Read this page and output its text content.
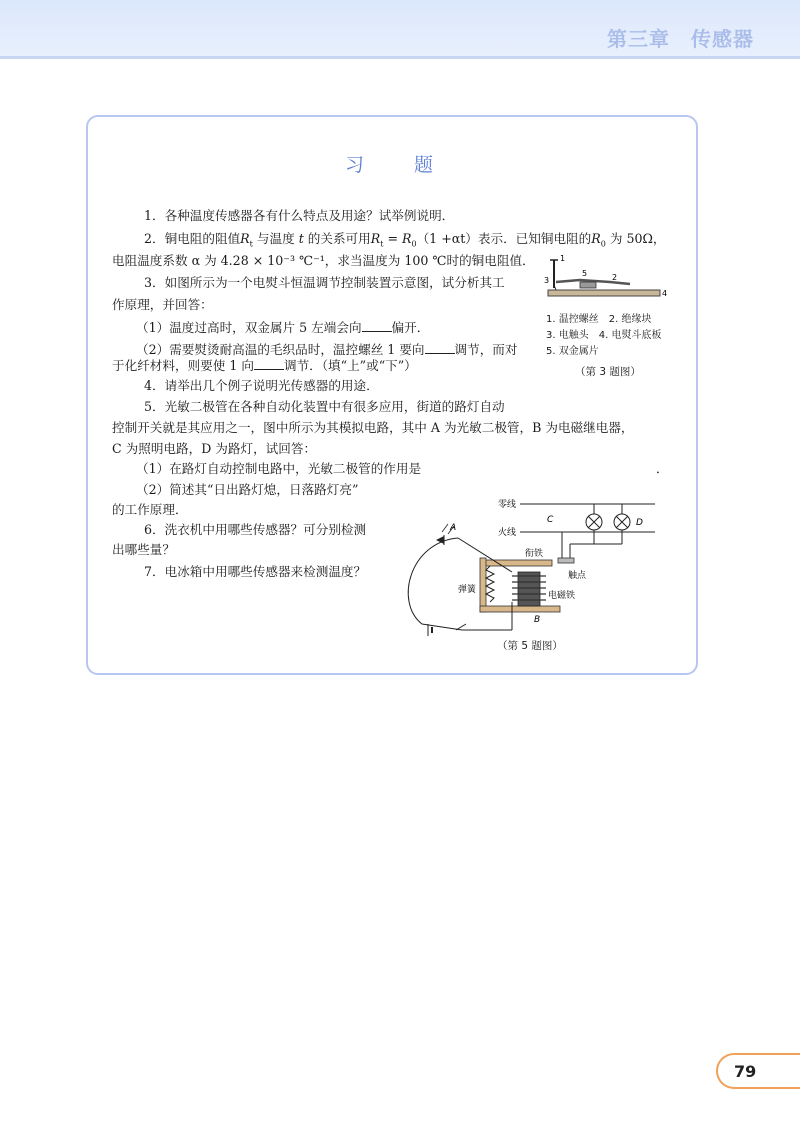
第三章　传感器
习 题
1．各种温度传感器各有什么特点及用途？试举例说明．
2．铜电阻的阻值$R_t$ 与温度 t 的关系可用$R_t = R_0(1 +\alpha t)$表示．已知铜电阻的$R_0$ 为 50Ω，
电阻温度系数 α 为 4.28 × 10⁻³ ℃⁻¹，求当温度为 100 ℃时的铜电阻值．
3．如图所示为一个电熨斗恒温调节控制装置示意图，试分析其工
作原理，并回答：
（1）温度过高时，双金属片 5 左端会向 偏开．
（2）需要熨烫耐高温的毛织品时，温控螺丝 1 要向 调节，而对
于化纤材料，则要使 1 向 调节．（填“上”或“下”）
4．请举出几个例子说明光传感器的用途．
5．光敏二极管在各种自动化装置中有很多应用，街道的路灯自动
控制开关就是其应用之一，图中所示为其模拟电路，其中 A 为光敏二极管，B 为电磁继电器，
C 为照明电路，D 为路灯，试回答：
（1）在路灯自动控制电路中，光敏二极管的作用是	．
（2）简述其“日出路灯熄，日落路灯亮”
的工作原理．
6．洗衣机中用哪些传感器？可分别检测
出哪些量？
7．电冰箱中用哪些传感器来检测温度？
1
2
3
4
5
1. 温控螺丝　2. 绝缘块
3. 电触头　4. 电熨斗底板
5. 双金属片
（第 3 题图）
零线
火线
C	D
衔铁
触点
弹簧
电磁铁
B
A
（第 5 题图）
79
